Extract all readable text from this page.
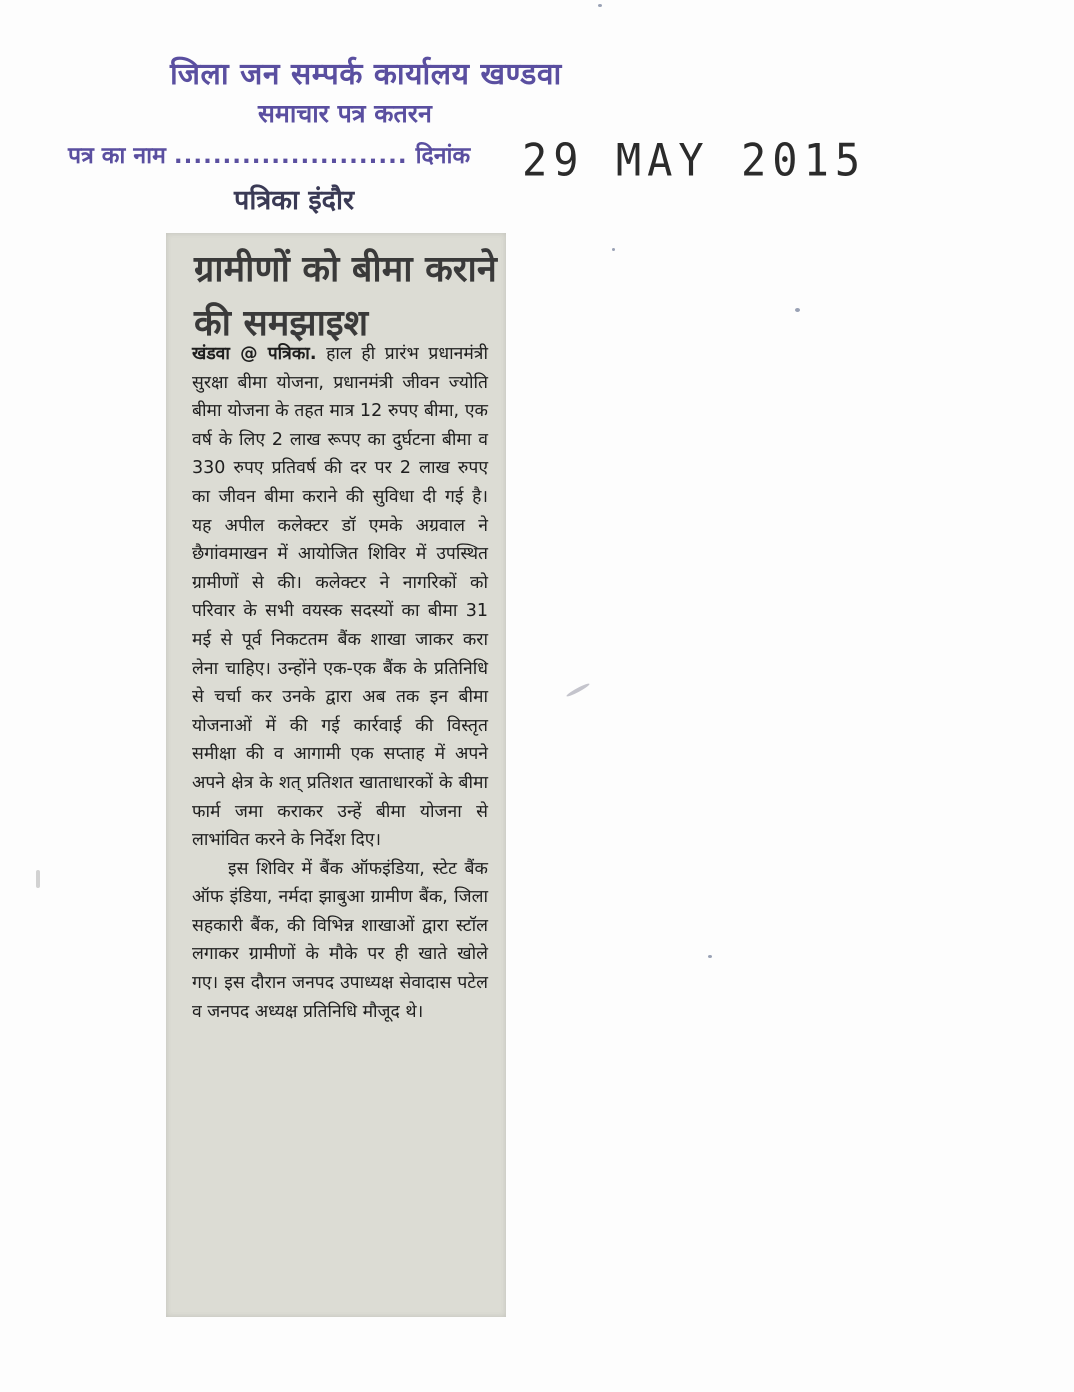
जिला जन सम्पर्क कार्यालय खण्डवा
समाचार पत्र कतरन
पत्र का नाम ........................ दिनांक 29 MAY 2015
पत्रिका इंदौर
ग्रामीणों को बीमा कराने की समझाइश

खंडवा @ पत्रिका. हाल ही प्रारंभ प्रधानमंत्री सुरक्षा बीमा योजना, प्रधानमंत्री जीवन ज्योति बीमा योजना के तहत मात्र 12 रुपए बीमा, एक वर्ष के लिए 2 लाख रूपए का दुर्घटना बीमा व 330 रुपए प्रतिवर्ष की दर पर 2 लाख रुपए का जीवन बीमा कराने की सुविधा दी गई है। यह अपील कलेक्टर डॉ एमके अग्रवाल ने छैगांवमाखन में आयोजित शिविर में उपस्थित ग्रामीणों से की। कलेक्टर ने नागरिकों को परिवार के सभी वयस्क सदस्यों का बीमा 31 मई से पूर्व निकटतम बैंक शाखा जाकर करा लेना चाहिए। उन्होंने एक-एक बैंक के प्रतिनिधि से चर्चा कर उनके द्वारा अब तक इन बीमा योजनाओं में की गई कार्रवाई की विस्तृत समीक्षा की व आगामी एक सप्ताह में अपने अपने क्षेत्र के शत् प्रतिशत खाताधारकों के बीमा फार्म जमा कराकर उन्हें बीमा योजना से लाभांवित करने के निर्देश दिए।

इस शिविर में बैंक ऑफइंडिया, स्टेट बैंक ऑफ इंडिया, नर्मदा झाबुआ ग्रामीण बैंक, जिला सहकारी बैंक, की विभिन्न शाखाओं द्वारा स्टॉल लगाकर ग्रामीणों के मौके पर ही खाते खोले गए। इस दौरान जनपद उपाध्यक्ष सेवादास पटेल व जनपद अध्यक्ष प्रतिनिधि मौजूद थे।
